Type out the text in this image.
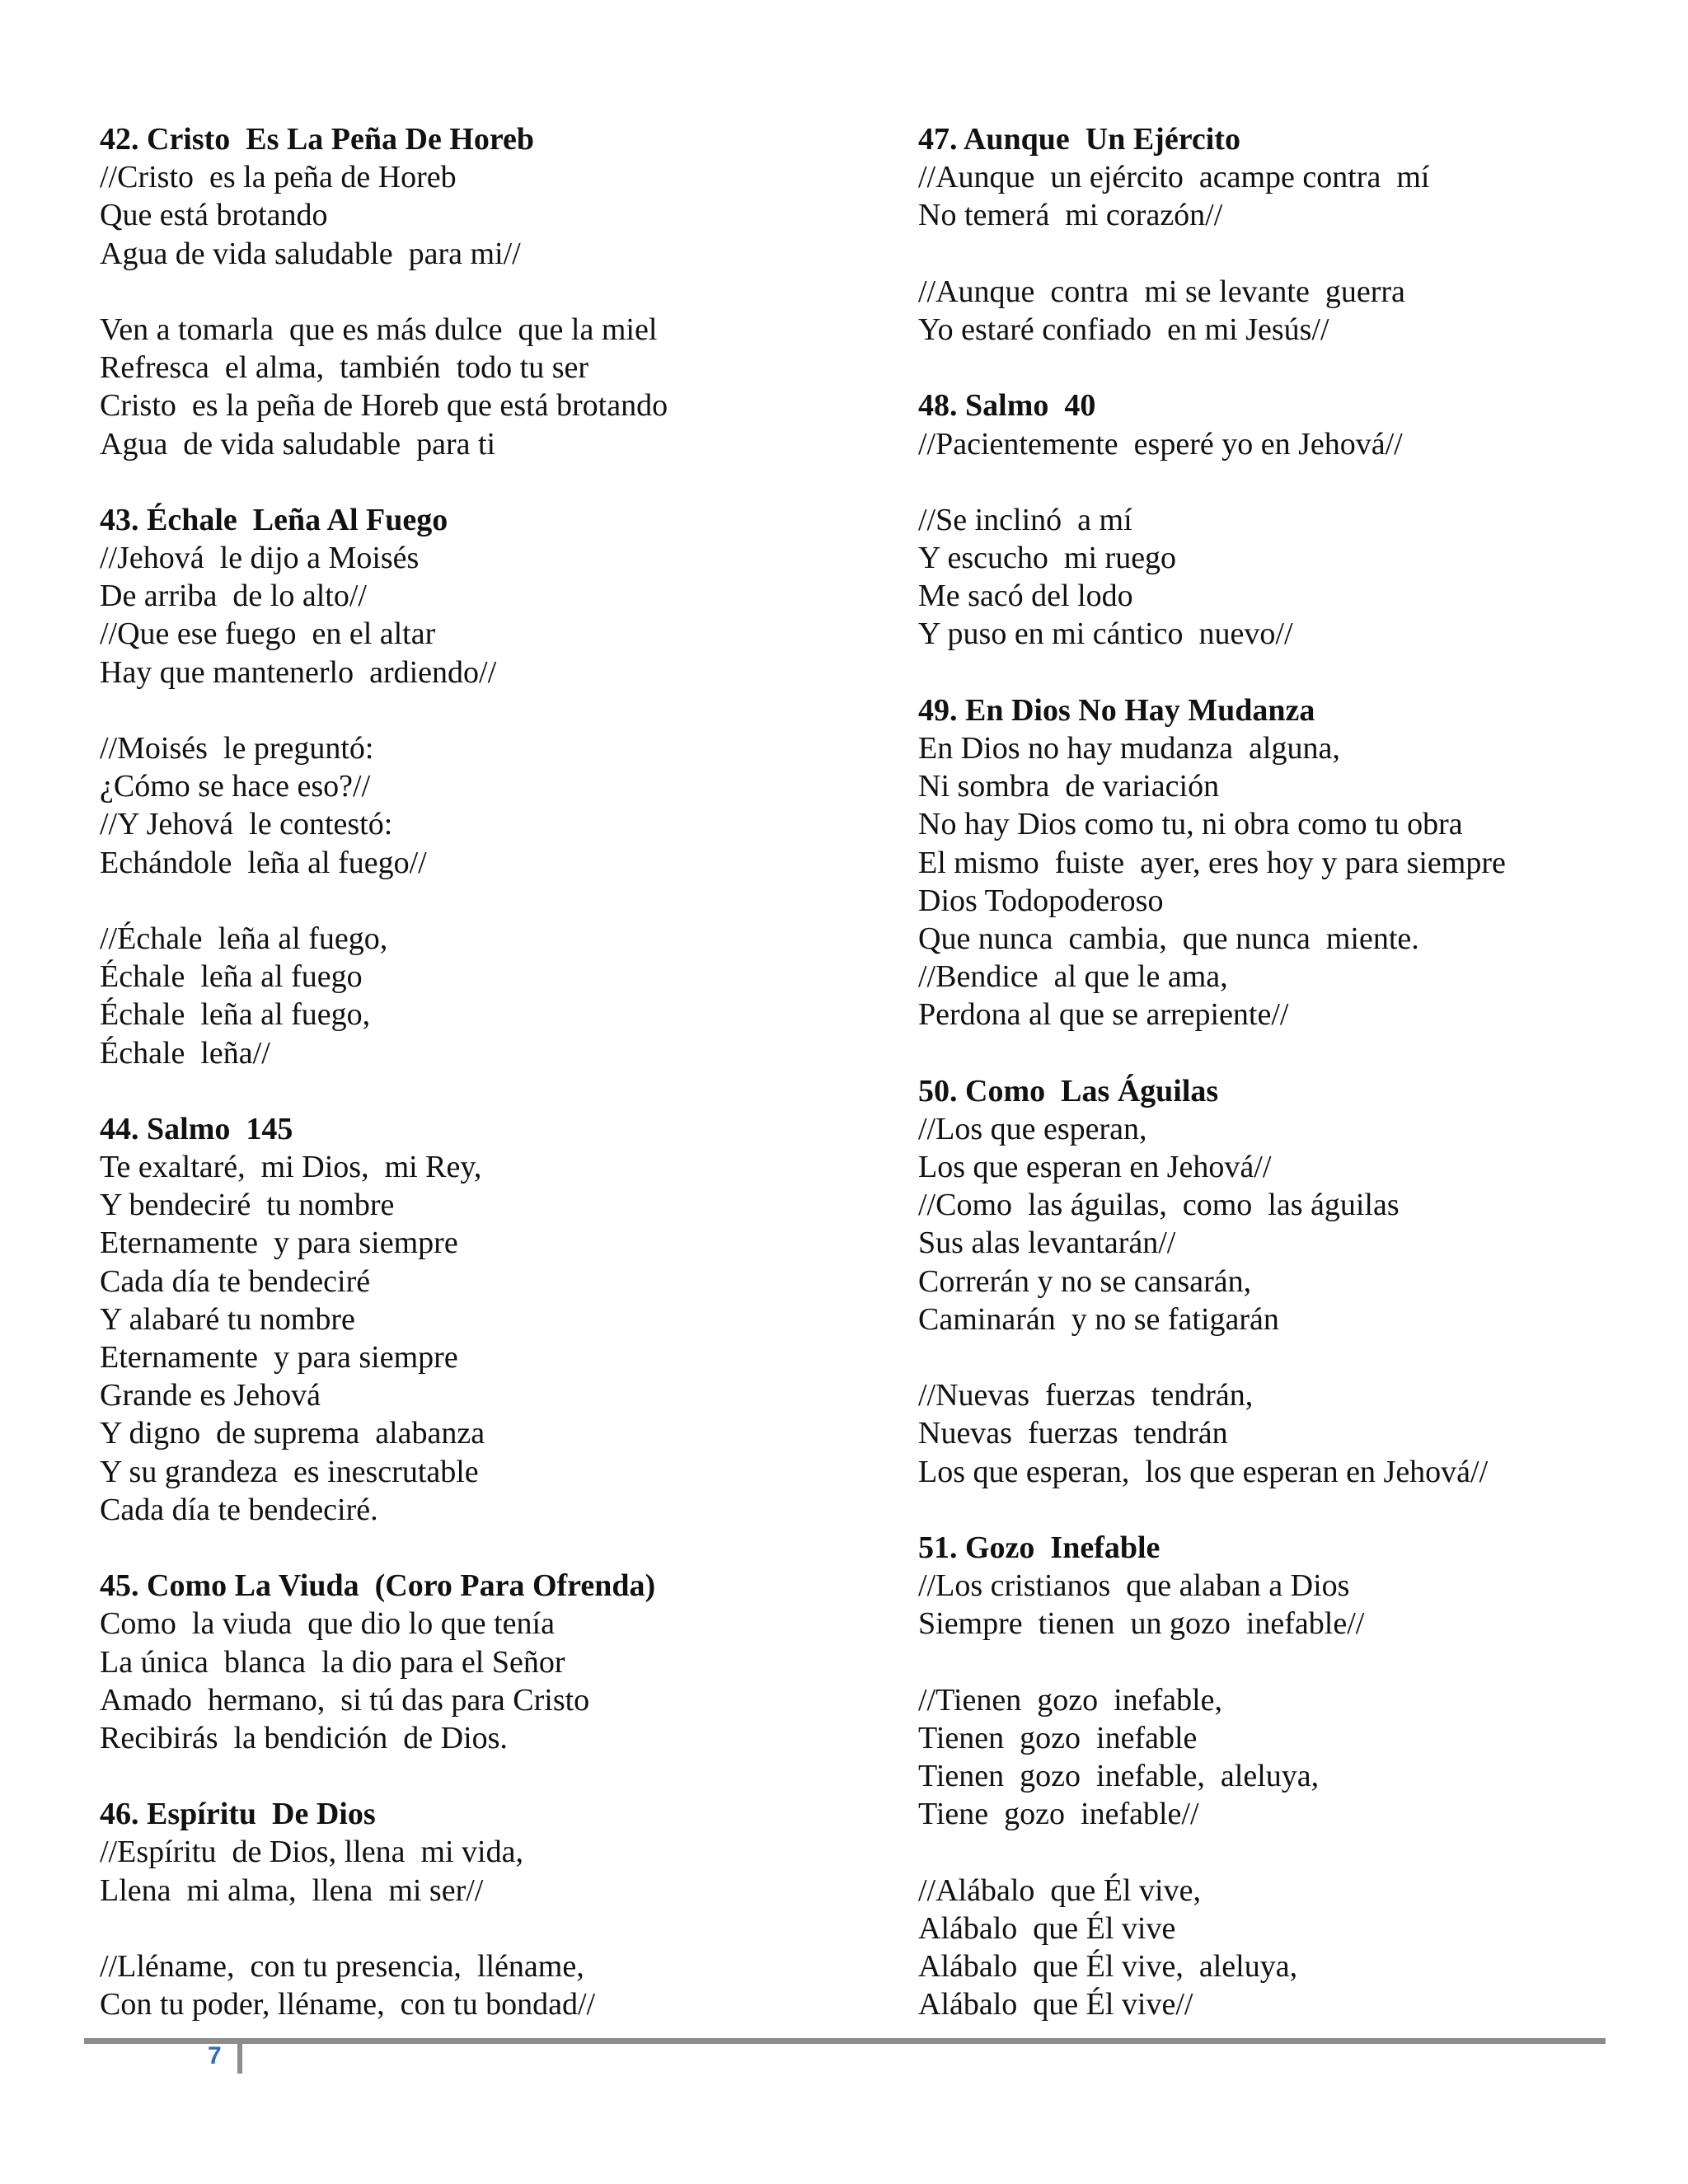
42. Cristo  Es La Peña De Horeb
//Cristo  es la peña de Horeb
Que está brotando
Agua de vida saludable  para mi//
Ven a tomarla  que es más dulce  que la miel
Refresca  el alma,  también  todo tu ser
Cristo  es la peña de Horeb que está brotando
Agua  de vida saludable  para ti
43. Échale  Leña Al Fuego
//Jehová  le dijo a Moisés
De arriba  de lo alto//
//Que ese fuego  en el altar
Hay que mantenerlo  ardiendo//
//Moisés  le preguntó:
¿Cómo se hace eso?//
//Y Jehová  le contestó:
Echándole  leña al fuego//
//Échale  leña al fuego,
Échale  leña al fuego
Échale  leña al fuego,
Échale  leña//
44. Salmo  145
Te exaltaré,  mi Dios,  mi Rey,
Y bendeciré  tu nombre
Eternamente  y para siempre
Cada día te bendeciré
Y alabaré tu nombre
Eternamente  y para siempre
Grande es Jehová
Y digno  de suprema  alabanza
Y su grandeza  es inescrutable
Cada día te bendeciré.
45. Como La Viuda  (Coro Para Ofrenda)
Como  la viuda  que dio lo que tenía
La única  blanca  la dio para el Señor
Amado  hermano,  si tú das para Cristo
Recibirás  la bendición  de Dios.
46. Espíritu  De Dios
//Espíritu  de Dios, llena  mi vida,
Llena  mi alma,  llena  mi ser//
//Lléname,  con tu presencia,  lléname,
Con tu poder, lléname,  con tu bondad//
47. Aunque  Un Ejército
//Aunque  un ejército  acampe contra  mí
No temerá  mi corazón//
//Aunque  contra  mi se levante  guerra
Yo estaré confiado  en mi Jesús//
48. Salmo  40
//Pacientemente  esperé yo en Jehová//
//Se inclinó  a mí
Y escucho  mi ruego
Me sacó del lodo
Y puso en mi cántico  nuevo//
49. En Dios No Hay Mudanza
En Dios no hay mudanza  alguna,
Ni sombra  de variación
No hay Dios como tu, ni obra como tu obra
El mismo  fuiste  ayer, eres hoy y para siempre
Dios Todopoderoso
Que nunca  cambia,  que nunca  miente.
//Bendice  al que le ama,
Perdona al que se arrepiente//
50. Como  Las Águilas
//Los que esperan,
Los que esperan en Jehová//
//Como  las águilas,  como  las águilas
Sus alas levantarán//
Correrán y no se cansarán,
Caminarán  y no se fatigarán
//Nuevas  fuerzas  tendrán,
Nuevas  fuerzas  tendrán
Los que esperan,  los que esperan en Jehová//
51. Gozo  Inefable
//Los cristianos  que alaban a Dios
Siempre  tienen  un gozo  inefable//
//Tienen  gozo  inefable,
Tienen  gozo  inefable
Tienen  gozo  inefable,  aleluya,
Tiene  gozo  inefable//
//Alábalo  que Él vive,
Alábalo  que Él vive
Alábalo  que Él vive,  aleluya,
Alábalo  que Él vive//
7
